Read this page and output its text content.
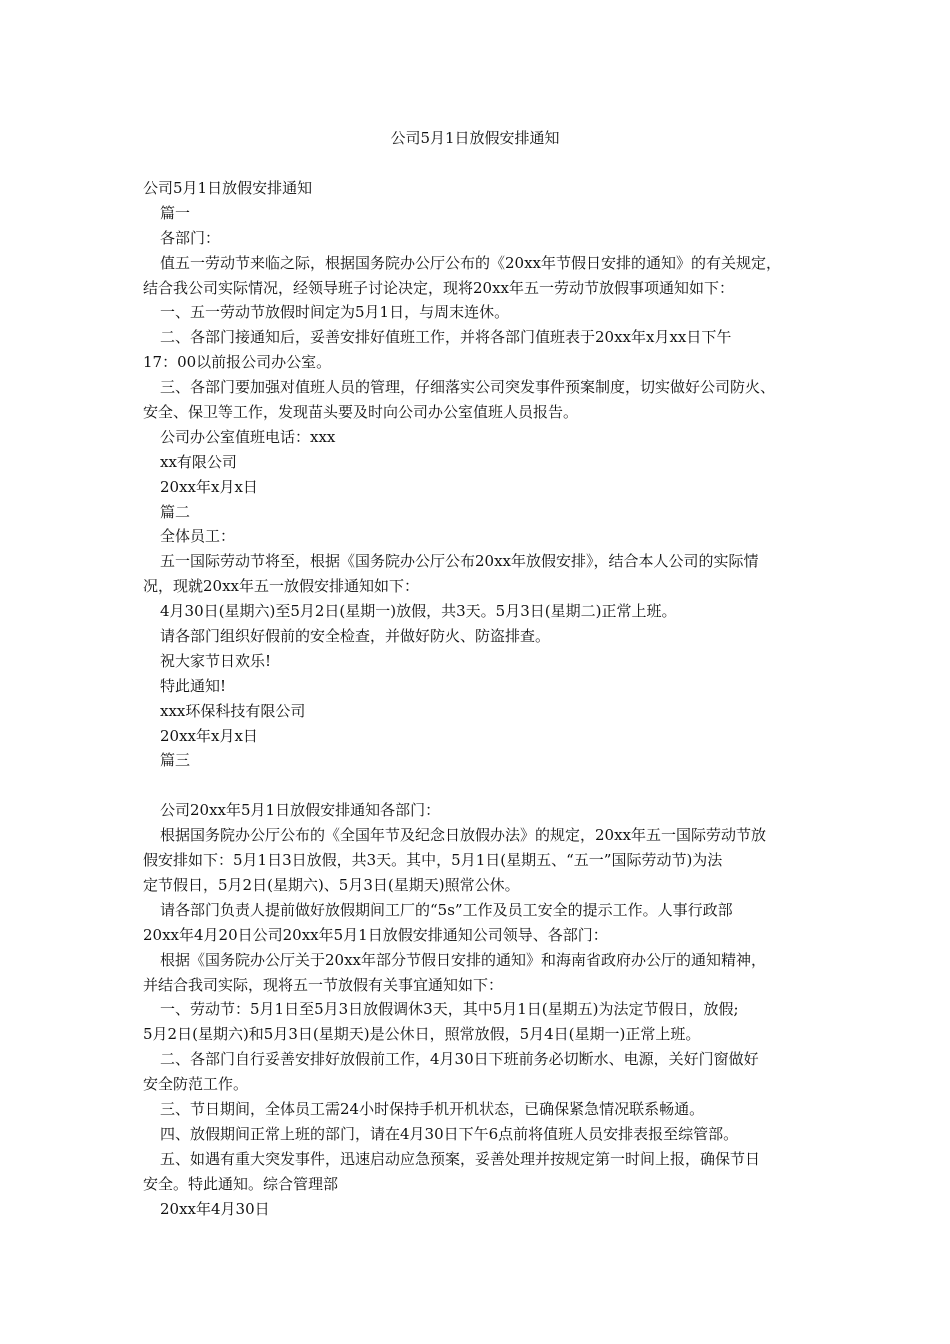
公司5月1日放假安排通知
公司5月1日放假安排通知
篇一
各部门：
值五一劳动节来临之际，根据国务院办公厅公布的《20xx年节假日安排的通知》的有关规定，
结合我公司实际情况，经领导班子讨论决定，现将20xx年五一劳动节放假事项通知如下：
一、五一劳动节放假时间定为5月1日，与周末连休。
二、各部门接通知后，妥善安排好值班工作，并将各部门值班表于20xx年x月xx日下午
17：00以前报公司办公室。
三、各部门要加强对值班人员的管理，仔细落实公司突发事件预案制度，切实做好公司防火、
安全、保卫等工作，发现苗头要及时向公司办公室值班人员报告。
公司办公室值班电话：xxx
xx有限公司
20xx年x月x日
篇二
全体员工：
五一国际劳动节将至，根据《国务院办公厅公布20xx年放假安排》，结合本人公司的实际情
况，现就20xx年五一放假安排通知如下：
4月30日(星期六)至5月2日(星期一)放假，共3天。5月3日(星期二)正常上班。
请各部门组织好假前的安全检查，并做好防火、防盗排查。
祝大家节日欢乐!
特此通知!
xxx环保科技有限公司
20xx年x月x日
篇三
公司20xx年5月1日放假安排通知各部门：
根据国务院办公厅公布的《全国年节及纪念日放假办法》的规定，20xx年五一国际劳动节放
假安排如下：5月1日3日放假，共3天。其中，5月1日(星期五、“五一”国际劳动节)为法
定节假日，5月2日(星期六)、5月3日(星期天)照常公休。
请各部门负责人提前做好放假期间工厂的“5s”工作及员工安全的提示工作。人事行政部
20xx年4月20日公司20xx年5月1日放假安排通知公司领导、各部门：
根据《国务院办公厅关于20xx年部分节假日安排的通知》和海南省政府办公厅的通知精神，
并结合我司实际，现将五一节放假有关事宜通知如下：
一、劳动节：5月1日至5月3日放假调休3天，其中5月1日(星期五)为法定节假日，放假;
5月2日(星期六)和5月3日(星期天)是公休日，照常放假，5月4日(星期一)正常上班。
二、各部门自行妥善安排好放假前工作，4月30日下班前务必切断水、电源，关好门窗做好
安全防范工作。
三、节日期间，全体员工需24小时保持手机开机状态，已确保紧急情况联系畅通。
四、放假期间正常上班的部门，请在4月30日下午6点前将值班人员安排表报至综管部。
五、如遇有重大突发事件，迅速启动应急预案，妥善处理并按规定第一时间上报，确保节日
安全。特此通知。综合管理部
20xx年4月30日
